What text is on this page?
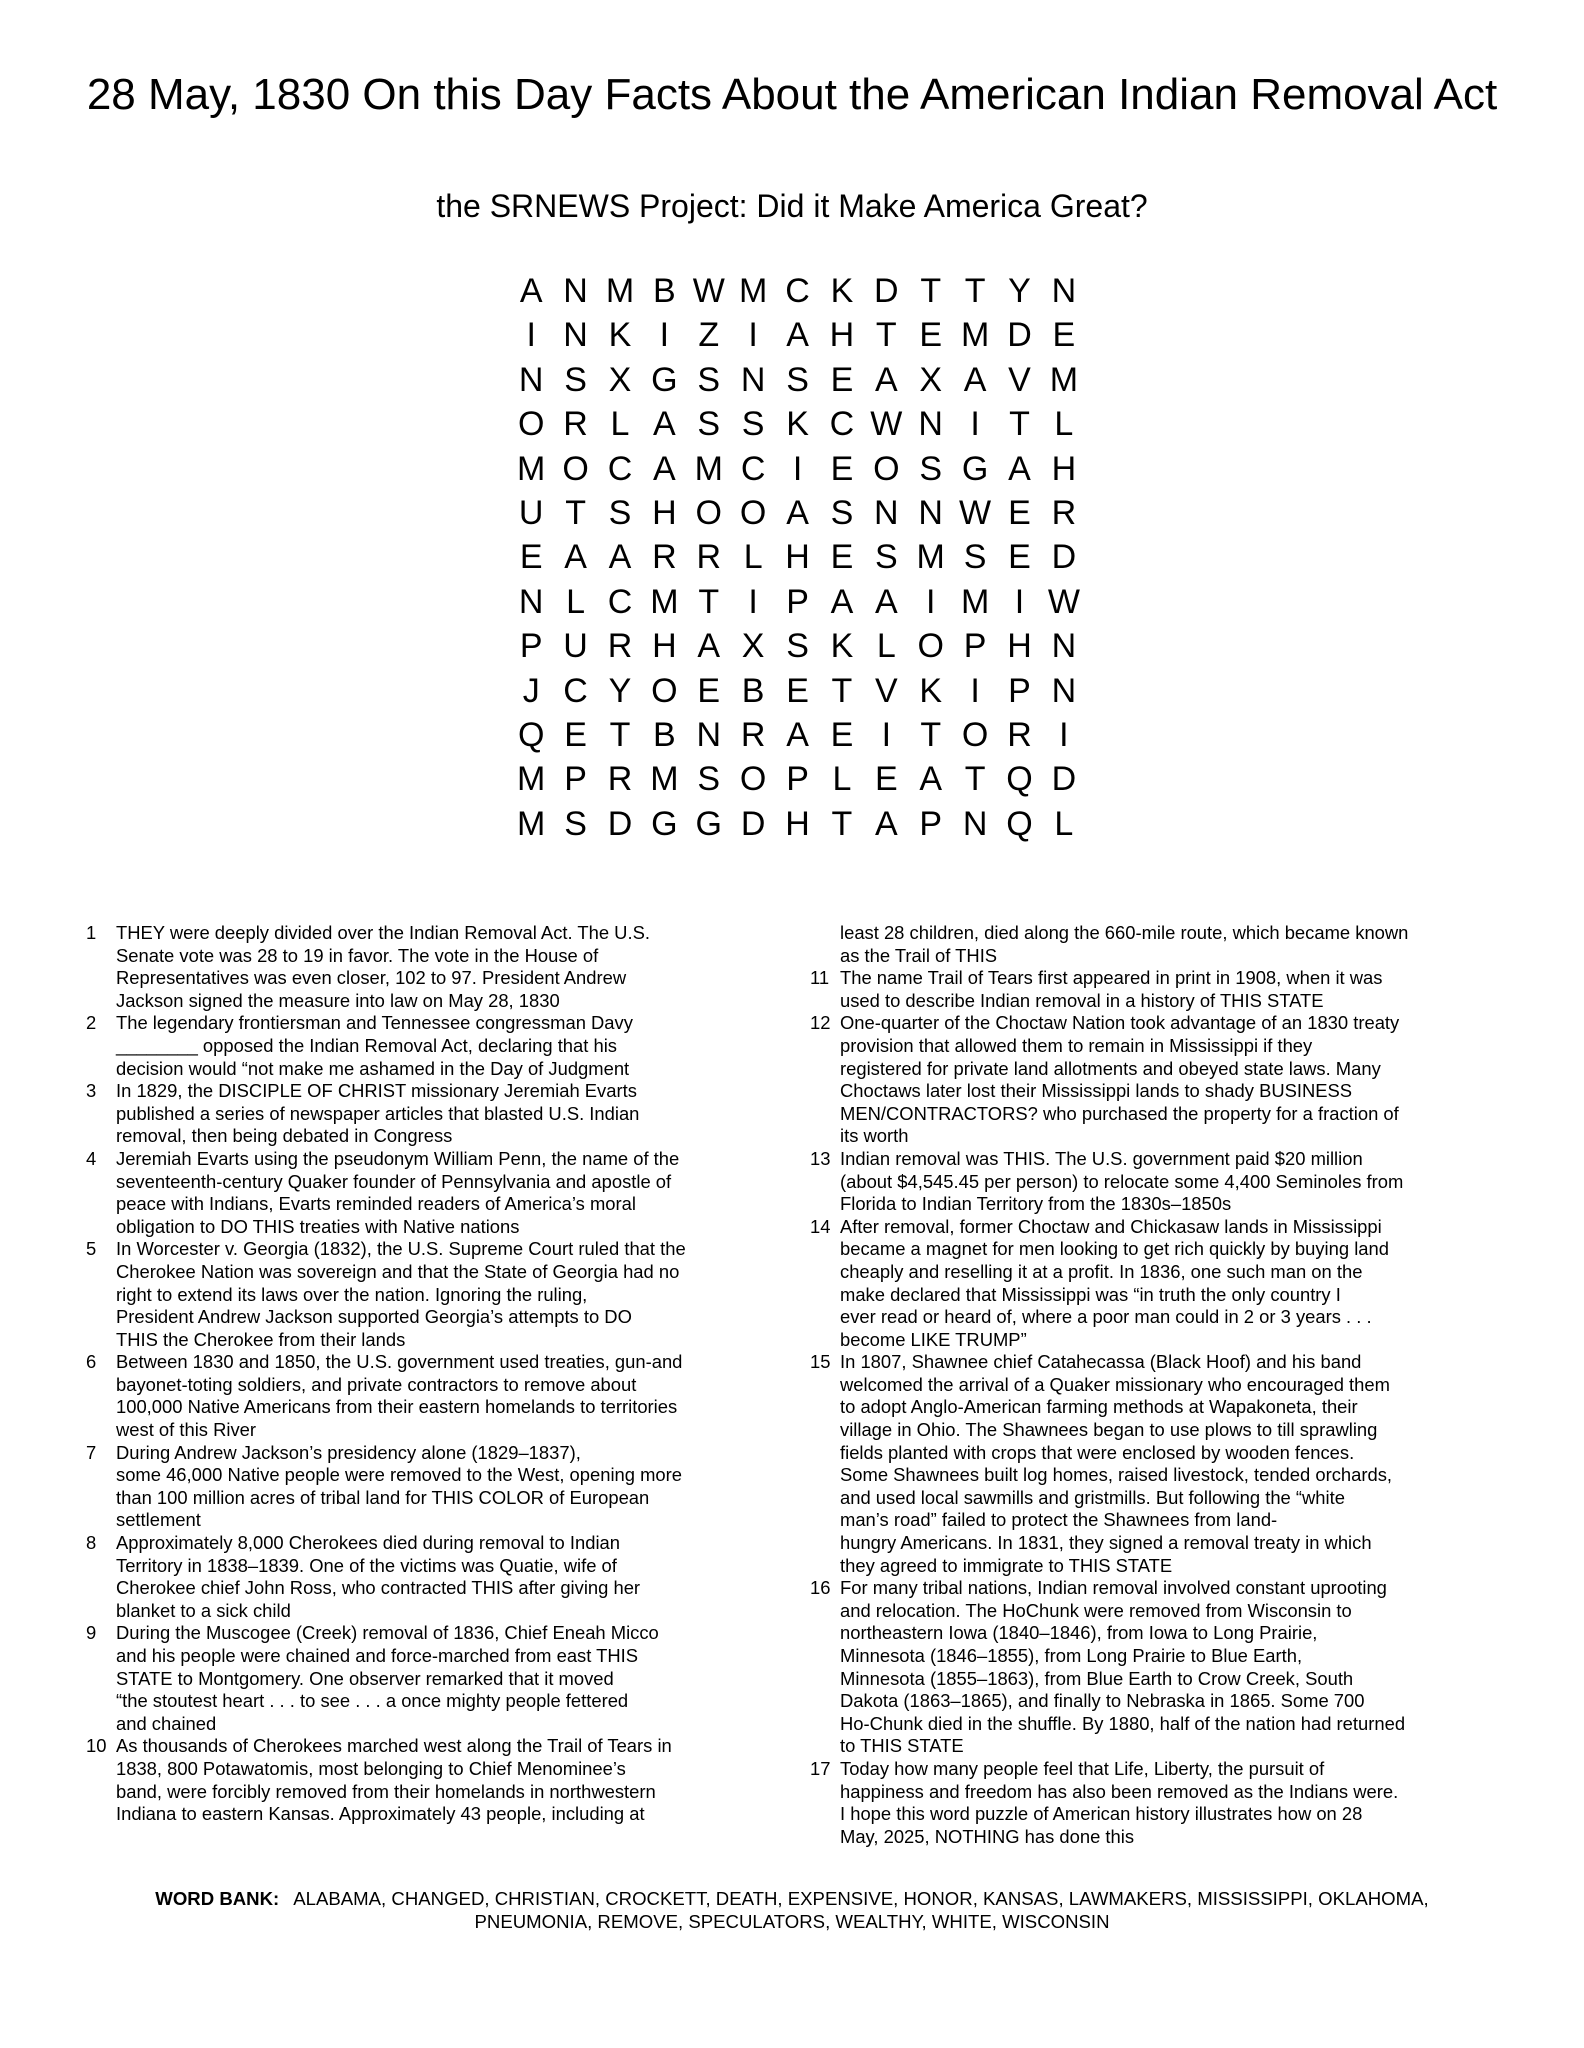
28 May, 1830 On this Day Facts About the American Indian Removal Act
the SRNEWS Project: Did it Make America Great?
A N M B W M C K D T T Y N
I N K I Z I A H T E M D E
N S X G S N S E A X A V M
O R L A S S K C W N I T L
M O C A M C I E O S G A H
U T S H O O A S N N W E R
E A A R R L H E S M S E D
N L C M T I P A A I M I W
P U R H A X S K L O P H N
J C Y O E B E T V K I P N
Q E T B N R A E I T O R I
M P R M S O P L E A T Q D
M S D G G D H T A P N Q L
1	THEY were deeply divided over the Indian Removal Act. The U.S.
Senate vote was 28 to 19 in favor. The vote in the House of
Representatives was even closer, 102 to 97. President Andrew
Jackson signed the measure into law on May 28, 1830
2	The legendary frontiersman and Tennessee congressman Davy
________ opposed the Indian Removal Act, declaring that his
decision would “not make me ashamed in the Day of Judgment
3	In 1829, the DISCIPLE OF CHRIST missionary Jeremiah Evarts
published a series of newspaper articles that blasted U.S. Indian
removal, then being debated in Congress
4	Jeremiah Evarts using the pseudonym William Penn, the name of the
seventeenth-century Quaker founder of Pennsylvania and apostle of
peace with Indians, Evarts reminded readers of America’s moral
obligation to DO THIS treaties with Native nations
5	In Worcester v. Georgia (1832), the U.S. Supreme Court ruled that the
Cherokee Nation was sovereign and that the State of Georgia had no
right to extend its laws over the nation. Ignoring the ruling,
President Andrew Jackson supported Georgia’s attempts to DO
THIS the Cherokee from their lands
6	Between 1830 and 1850, the U.S. government used treaties, gun-and
bayonet-toting soldiers, and private contractors to remove about
100,000 Native Americans from their eastern homelands to territories
west of this River
7	During Andrew Jackson’s presidency alone (1829–1837),
some 46,000 Native people were removed to the West, opening more
than 100 million acres of tribal land for THIS COLOR of European
settlement
8	Approximately 8,000 Cherokees died during removal to Indian
Territory in 1838–1839. One of the victims was Quatie, wife of
Cherokee chief John Ross, who contracted THIS after giving her
blanket to a sick child
9	During the Muscogee (Creek) removal of 1836, Chief Eneah Micco
and his people were chained and force-marched from east THIS
STATE to Montgomery. One observer remarked that it moved
“the stoutest heart . . . to see . . . a once mighty people fettered
and chained
10 As thousands of Cherokees marched west along the Trail of Tears in
1838, 800 Potawatomis, most belonging to Chief Menominee’s
band, were forcibly removed from their homelands in northwestern
Indiana to eastern Kansas. Approximately 43 people, including at
least 28 children, died along the 660-mile route, which became known
as the Trail of THIS
11 The name Trail of Tears first appeared in print in 1908, when it was
used to describe Indian removal in a history of THIS STATE
12 One-quarter of the Choctaw Nation took advantage of an 1830 treaty
provision that allowed them to remain in Mississippi if they
registered for private land allotments and obeyed state laws. Many
Choctaws later lost their Mississippi lands to shady BUSINESS
MEN/CONTRACTORS? who purchased the property for a fraction of
its worth
13 Indian removal was THIS. The U.S. government paid $20 million
(about $4,545.45 per person) to relocate some 4,400 Seminoles from
Florida to Indian Territory from the 1830s–1850s
14 After removal, former Choctaw and Chickasaw lands in Mississippi
became a magnet for men looking to get rich quickly by buying land
cheaply and reselling it at a profit. In 1836, one such man on the
make declared that Mississippi was “in truth the only country I
ever read or heard of, where a poor man could in 2 or 3 years . . .
become LIKE TRUMP”
15 In 1807, Shawnee chief Catahecassa (Black Hoof) and his band
welcomed the arrival of a Quaker missionary who encouraged them
to adopt Anglo-American farming methods at Wapakoneta, their
village in Ohio. The Shawnees began to use plows to till sprawling
fields planted with crops that were enclosed by wooden fences.
Some Shawnees built log homes, raised livestock, tended orchards,
and used local sawmills and gristmills. But following the “white
man’s road” failed to protect the Shawnees from land-
hungry Americans. In 1831, they signed a removal treaty in which
they agreed to immigrate to THIS STATE
16 For many tribal nations, Indian removal involved constant uprooting
and relocation. The HoChunk were removed from Wisconsin to
northeastern Iowa (1840–1846), from Iowa to Long Prairie,
Minnesota (1846–1855), from Long Prairie to Blue Earth,
Minnesota (1855–1863), from Blue Earth to Crow Creek, South
Dakota (1863–1865), and finally to Nebraska in 1865. Some 700
Ho-Chunk died in the shuffle. By 1880, half of the nation had returned
to THIS STATE
17 Today how many people feel that Life, Liberty, the pursuit of
happiness and freedom has also been removed as the Indians were.
I hope this word puzzle of American history illustrates how on 28
May, 2025, NOTHING has done this
WORD BANK: ALABAMA, CHANGED, CHRISTIAN, CROCKETT, DEATH, EXPENSIVE, HONOR, KANSAS, LAWMAKERS, MISSISSIPPI, OKLAHOMA, PNEUMONIA, REMOVE, SPECULATORS, WEALTHY, WHITE, WISCONSIN
